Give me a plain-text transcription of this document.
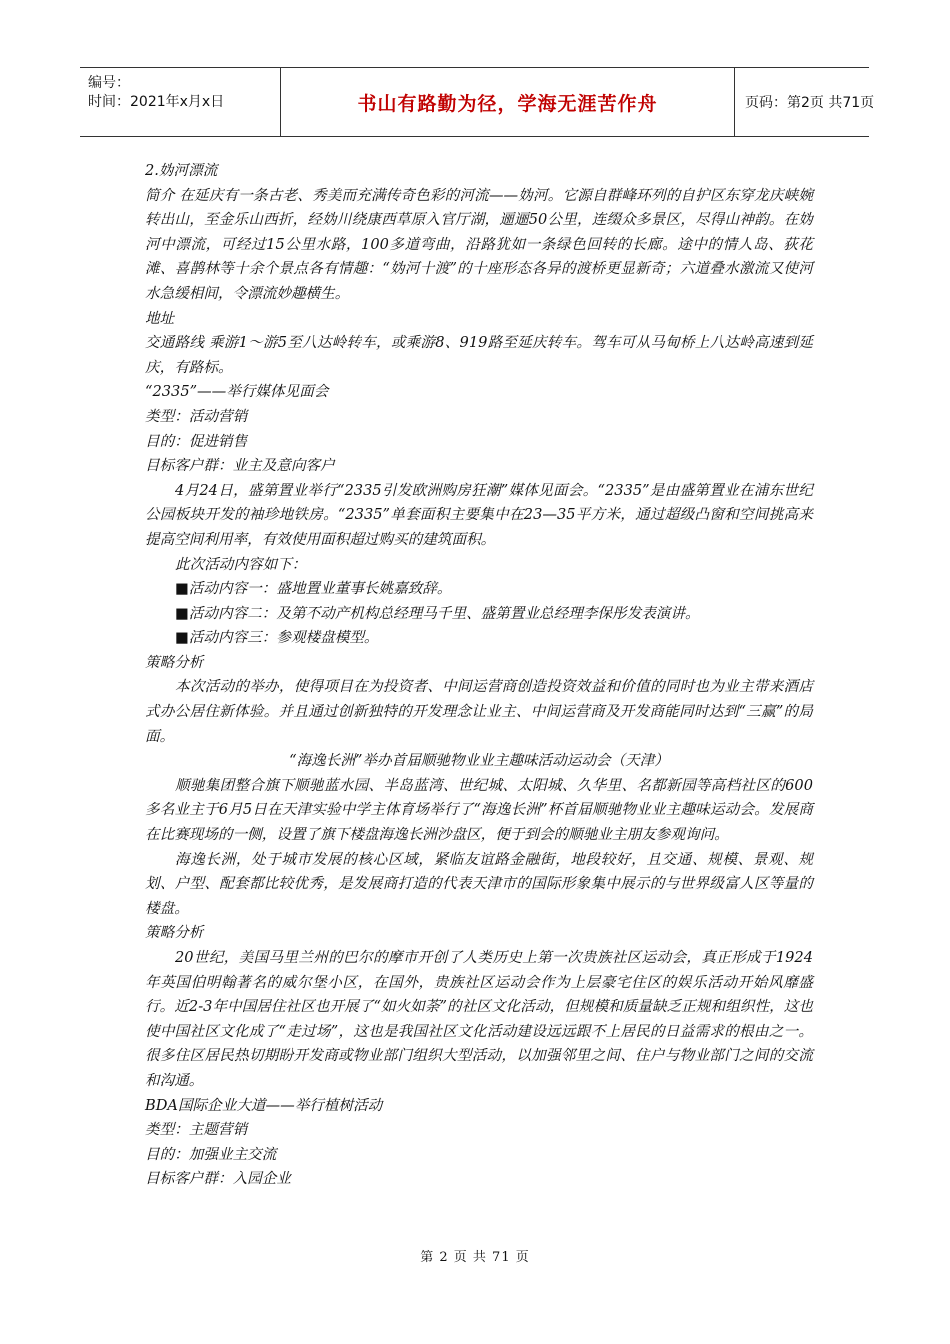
编号：
时间：2021年x月x日	书山有路勤为径，学海无涯苦作舟	页码：第2页 共71页

2.妫河漂流

简介 在延庆有一条古老、秀美而充满传奇色彩的河流——妫河。它源自群峰环列的自护区东穿龙庆峡婉转出山，至金乐山西折，经妫川绕康西草原入官厅湖，逦逦50公里，连缀众多景区，尽得山神韵。在妫河中漂流，可经过15公里水路，100多道弯曲，沿路犹如一条绿色回转的长廊。途中的情人岛、荻花滩、喜鹊林等十余个景点各有情趣：“妫河十渡”的十座形态各异的渡桥更显新奇；六道叠水激流又使河水急缓相间，令漂流妙趣横生。

地址

交通路线 乘游1～游5至八达岭转车，或乘游8、919路至延庆转车。驾车可从马甸桥上八达岭高速到延庆，有路标。

“2335”——举行媒体见面会

类型：活动营销

目的：促进销售

目标客户群：业主及意向客户

4月24日，盛第置业举行“2335引发欧洲购房狂潮”媒体见面会。“2335”是由盛第置业在浦东世纪公园板块开发的袖珍地铁房。“2335”单套面积主要集中在23—35平方米，通过超级凸窗和空间挑高来提高空间利用率，有效使用面积超过购买的建筑面积。

此次活动内容如下：

■活动内容一：盛地置业董事长姚嘉致辞。

■活动内容二：及第不动产机构总经理马千里、盛第置业总经理李保彤发表演讲。

■活动内容三：参观楼盘模型。

策略分析

本次活动的举办，使得项目在为投资者、中间运营商创造投资效益和价值的同时也为业主带来酒店式办公居住新体验。并且通过创新独特的开发理念让业主、中间运营商及开发商能同时达到“三赢”的局面。

“海逸长洲”举办首届顺驰物业业主趣味活动运动会（天津）

顺驰集团整合旗下顺驰蓝水园、半岛蓝湾、世纪城、太阳城、久华里、名都新园等高档社区的600多名业主于6月5日在天津实验中学主体育场举行了“海逸长洲”杯首届顺驰物业业主趣味运动会。发展商在比赛现场的一侧，设置了旗下楼盘海逸长洲沙盘区，便于到会的顺驰业主朋友参观询问。

海逸长洲，处于城市发展的核心区域，紧临友谊路金融街，地段较好，且交通、规模、景观、规划、户型、配套都比较优秀，是发展商打造的代表天津市的国际形象集中展示的与世界级富人区等量的楼盘。

策略分析

20世纪，美国马里兰州的巴尔的摩市开创了人类历史上第一次贵族社区运动会，真正形成于1924年英国伯明翰著名的威尔堡小区，在国外，贵族社区运动会作为上层豪宅住区的娱乐活动开始风靡盛行。近2-3年中国居住社区也开展了“如火如荼”的社区文化活动，但规模和质量缺乏正规和组织性，这也使中国社区文化成了“走过场”，这也是我国社区文化活动建设远远跟不上居民的日益需求的根由之一。很多住区居民热切期盼开发商或物业部门组织大型活动，以加强邻里之间、住户与物业部门之间的交流和沟通。

BDA国际企业大道——举行植树活动

类型：主题营销

目的：加强业主交流

目标客户群：入园企业

第 2 页 共 71 页
